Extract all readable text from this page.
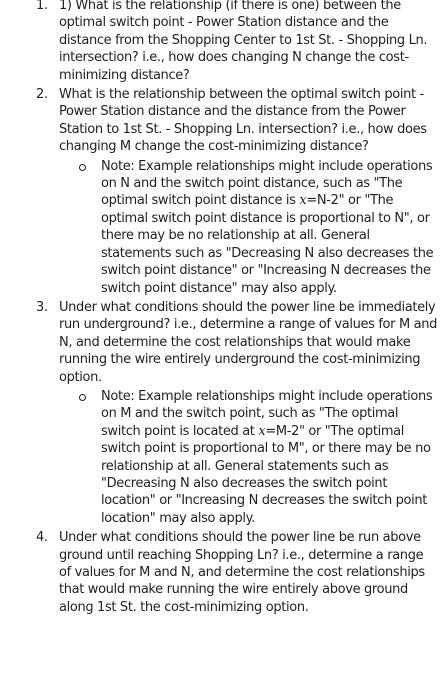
1. 1) What is the relationship (if there is one) between the optimal switch point - Power Station distance and the distance from the Shopping Center to 1st St. - Shopping Ln. intersection? i.e., how does changing N change the cost-minimizing distance?

2. What is the relationship between the optimal switch point - Power Station distance and the distance from the Power Station to 1st St. - Shopping Ln. intersection? i.e., how does changing M change the cost-minimizing distance?

Note: Example relationships might include operations on N and the switch point distance, such as "The optimal switch point distance is x=N-2" or "The optimal switch point distance is proportional to N", or there may be no relationship at all. General statements such as "Decreasing N also decreases the switch point distance" or "Increasing N decreases the switch point distance" may also apply.

3. Under what conditions should the power line be immediately run underground? i.e., determine a range of values for M and N, and determine the cost relationships that would make running the wire entirely underground the cost-minimizing option.

Note: Example relationships might include operations on M and the switch point, such as "The optimal switch point is located at x=M-2" or "The optimal switch point is proportional to M", or there may be no relationship at all. General statements such as "Decreasing N also decreases the switch point location" or "Increasing N decreases the switch point location" may also apply.

4. Under what conditions should the power line be run above ground until reaching Shopping Ln? i.e., determine a range of values for M and N, and determine the cost relationships that would make running the wire entirely above ground along 1st St. the cost-minimizing option.
